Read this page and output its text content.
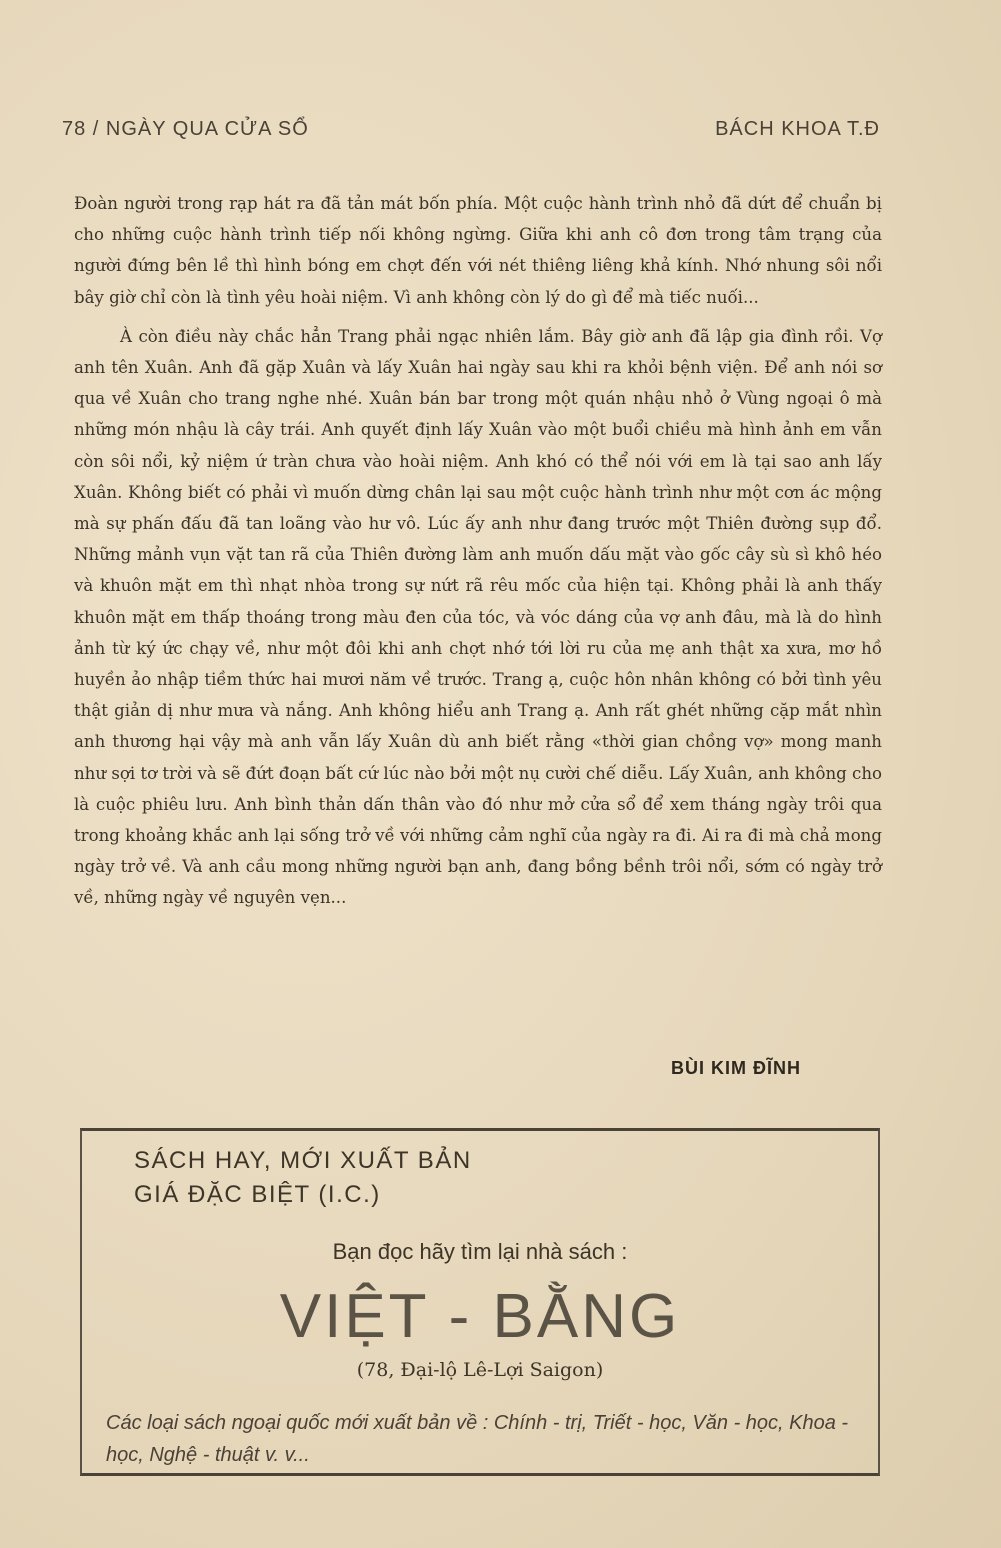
78 / NGÀY QUA CỬA SỔ	BÁCH KHOA T.Đ

Đoàn người trong rạp hát ra đã tản mát bốn phía. Một cuộc hành trình nhỏ đã dứt để chuẩn bị cho những cuộc hành trình tiếp nối không ngừng. Giữa khi anh cô đơn trong tâm trạng của người đứng bên lề thì hình bóng em chợt đến với nét thiêng liêng khả kính. Nhớ nhung sôi nổi bây giờ chỉ còn là tình yêu hoài niệm. Vì anh không còn lý do gì để mà tiếc nuối...

À còn điều này chắc hẳn Trang phải ngạc nhiên lắm. Bây giờ anh đã lập gia đình rồi. Vợ anh tên Xuân. Anh đã gặp Xuân và lấy Xuân hai ngày sau khi ra khỏi bệnh viện. Để anh nói sơ qua về Xuân cho trang nghe nhé. Xuân bán bar trong một quán nhậu nhỏ ở Vùng ngoại ô mà những món nhậu là cây trái. Anh quyết định lấy Xuân vào một buổi chiều mà hình ảnh em vẫn còn sôi nổi, kỷ niệm ứ tràn chưa vào hoài niệm. Anh khó có thể nói với em là tại sao anh lấy Xuân. Không biết có phải vì muốn dừng chân lại sau một cuộc hành trình như một cơn ác mộng mà sự phấn đấu đã tan loãng vào hư vô. Lúc ấy anh như đang trước một Thiên đường sụp đổ. Những mảnh vụn vặt tan rã của Thiên đường làm anh muốn dấu mặt vào gốc cây sù sì khô héo và khuôn mặt em thì nhạt nhòa trong sự nứt rã rêu mốc của hiện tại. Không phải là anh thấy khuôn mặt em thấp thoáng trong màu đen của tóc, và vóc dáng của vợ anh đâu, mà là do hình ảnh từ ký ức chạy về, như một đôi khi anh chợt nhớ tới lời ru của mẹ anh thật xa xưa, mơ hồ huyền ảo nhập tiềm thức hai mươi năm về trước. Trang ạ, cuộc hôn nhân không có bởi tình yêu thật giản dị như mưa và nắng. Anh không hiểu anh Trang ạ. Anh rất ghét những cặp mắt nhìn anh thương hại vậy mà anh vẫn lấy Xuân dù anh biết rằng «thời gian chồng vợ» mong manh như sợi tơ trời và sẽ đứt đoạn bất cứ lúc nào bởi một nụ cười chế diễu. Lấy Xuân, anh không cho là cuộc phiêu lưu. Anh bình thản dấn thân vào đó như mở cửa sổ để xem tháng ngày trôi qua trong khoảng khắc anh lại sống trở về với những cảm nghĩ của ngày ra đi. Ai ra đi mà chả mong ngày trở về. Và anh cầu mong những người bạn anh, đang bồng bềnh trôi nổi, sớm có ngày trở về, những ngày về nguyên vẹn...

BÙI KIM ĐĨNH
SÁCH HAY, MỚI XUẤT BẢN
GIÁ ĐẶC BIỆT (I.C.)
Bạn đọc hãy tìm lại nhà sách :
VIỆT - BẰNG
(78, Đại-lộ Lê-Lợi Saigon)
Các loại sách ngoại quốc mới xuất bản về : Chính - trị, Triết - học, Văn - học, Khoa - học, Nghệ - thuật v. v...
